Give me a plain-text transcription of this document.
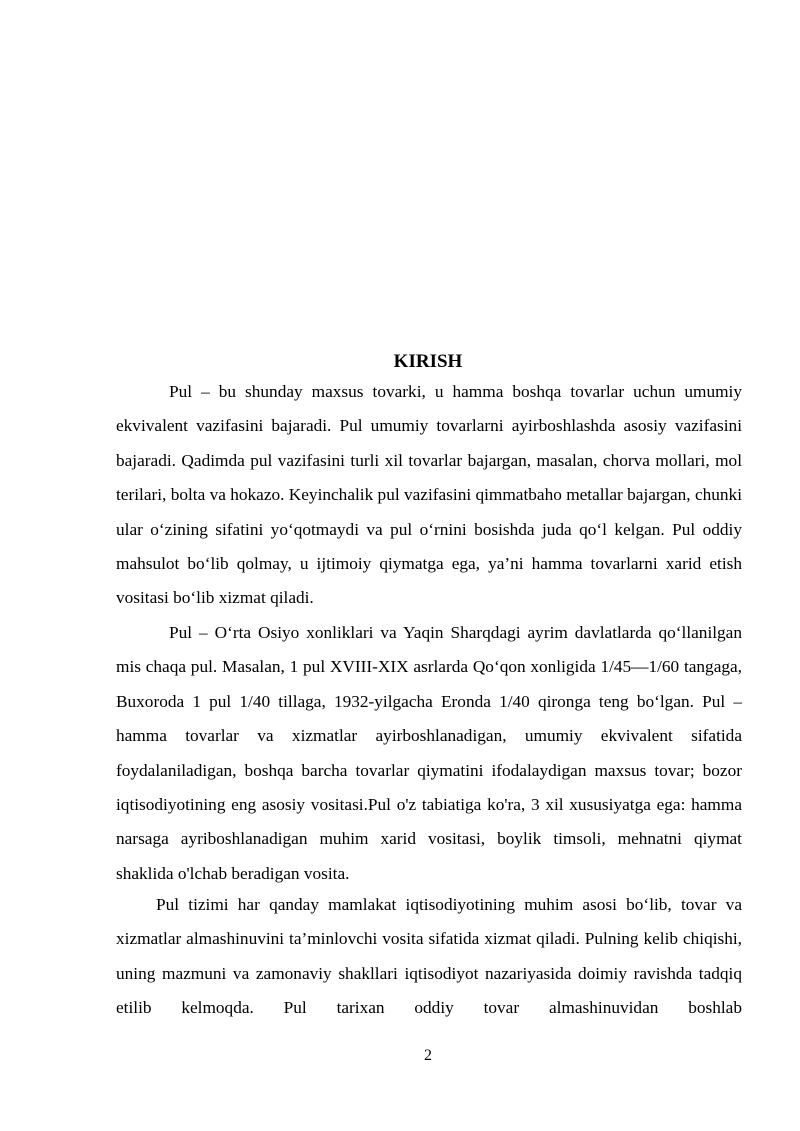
KIRISH

Pul – bu shunday maxsus tovarki, u hamma boshqa tovarlar uchun umumiy ekvivalent vazifasini bajaradi. Pul umumiy tovarlarni ayirboshlashda asosiy vazifasini bajaradi. Qadimda pul vazifasini turli xil tovarlar bajargan, masalan, chorva mollari, mol terilari, bolta va hokazo. Keyinchalik pul vazifasini qimmatbaho metallar bajargan, chunki ular o‘zining sifatini yo‘qotmaydi va pul o‘rnini bosishda juda qo‘l kelgan. Pul oddiy mahsulot bo‘lib qolmay, u ijtimoiy qiymatga ega, ya’ni hamma tovarlarni xarid etish vositasi bo‘lib xizmat qiladi.

Pul – O‘rta Osiyo xonliklari va Yaqin Sharqdagi ayrim davlatlarda qo‘llanilgan mis chaqa pul. Masalan, 1 pul XVIII-XIX asrlarda Qo‘qon xonligida 1/45—1/60 tangaga, Buxoroda 1 pul 1/40 tillaga, 1932-yilgacha Eronda 1/40 qironga teng bo‘lgan. Pul – hamma tovarlar va xizmatlar ayirboshlanadigan, umumiy ekvivalent sifatida foydalaniladigan, boshqa barcha tovarlar qiymatini ifodalaydigan maxsus tovar; bozor iqtisodiyotining eng asosiy vositasi.Pul o'z tabiatiga ko'ra, 3 xil xususiyatga ega: hamma narsaga ayriboshlanadigan muhim xarid vositasi, boylik timsoli, mehnatni qiymat shaklida o'lchab beradigan vosita.

Pul tizimi har qanday mamlakat iqtisodiyotining muhim asosi bo‘lib, tovar va xizmatlar almashinuvini ta’minlovchi vosita sifatida xizmat qiladi. Pulning kelib chiqishi, uning mazmuni va zamonaviy shakllari iqtisodiyot nazariyasida doimiy ravishda tadqiq etilib kelmoqda. Pul tarixan oddiy tovar almashinuvidan boshlab

2
